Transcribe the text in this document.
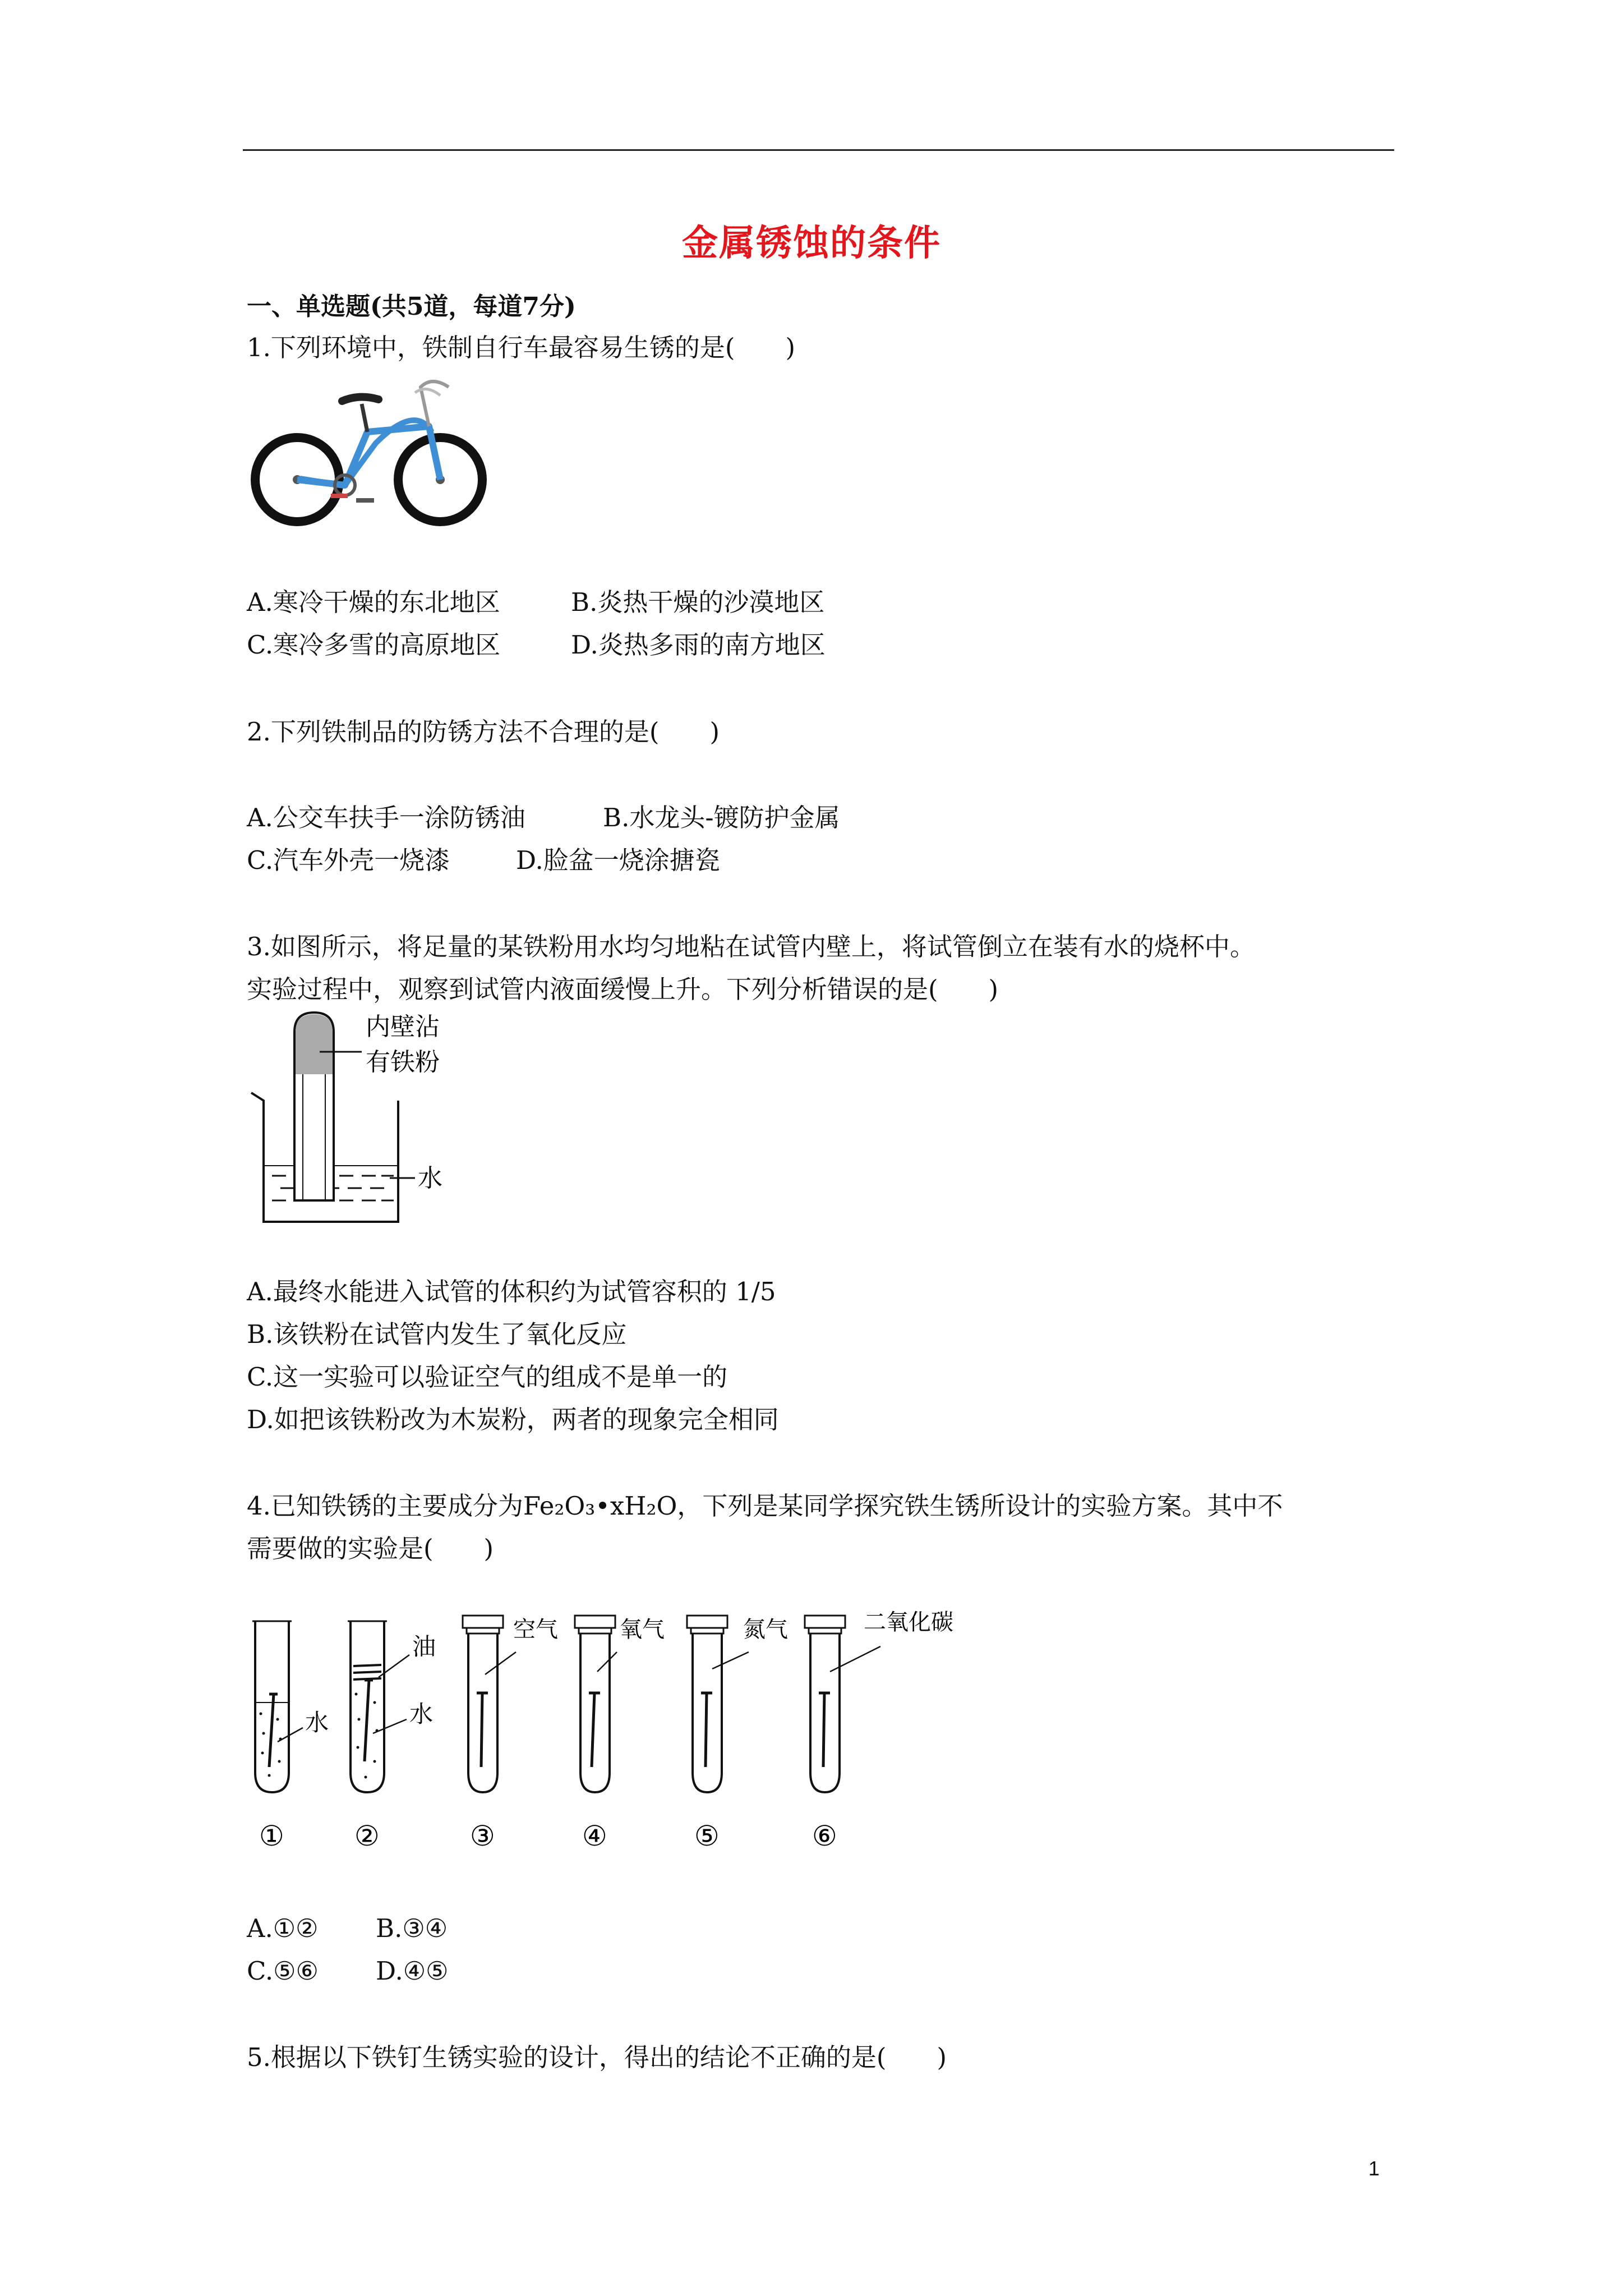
金属锈蚀的条件
一、单选题(共5道，每道7分)
1.下列环境中，铁制自行车最容易生锈的是(　　)
A.寒冷干燥的东北地区	B.炎热干燥的沙漠地区
C.寒冷多雪的高原地区	D.炎热多雨的南方地区
2.下列铁制品的防锈方法不合理的是(　　)
A.公交车扶手一涂防锈油	B.水龙头-镀防护金属
C.汽车外壳一烧漆	D.脸盆一烧涂搪瓷
3.如图所示，将足量的某铁粉用水均匀地粘在试管内壁上，将试管倒立在装有水的烧杯中。
实验过程中，观察到试管内液面缓慢上升。下列分析错误的是(　　)
内壁沾
有铁粉
水
A.最终水能进入试管的体积约为试管容积的 1/5
B.该铁粉在试管内发生了氧化反应
C.这一实验可以验证空气的组成不是单一的
D.如把该铁粉改为木炭粉，两者的现象完全相同
4.已知铁锈的主要成分为Fe₂O₃•xH₂O，下列是某同学探究铁生锈所设计的实验方案。其中不
需要做的实验是(　　)
水
油
水
空气	氧气	氮气	二氧化碳
①	②	③	④	⑤	⑥
A.①② B.③④
C.⑤⑥ D.④⑤
5.根据以下铁钉生锈实验的设计，得出的结论不正确的是(　　)
1
